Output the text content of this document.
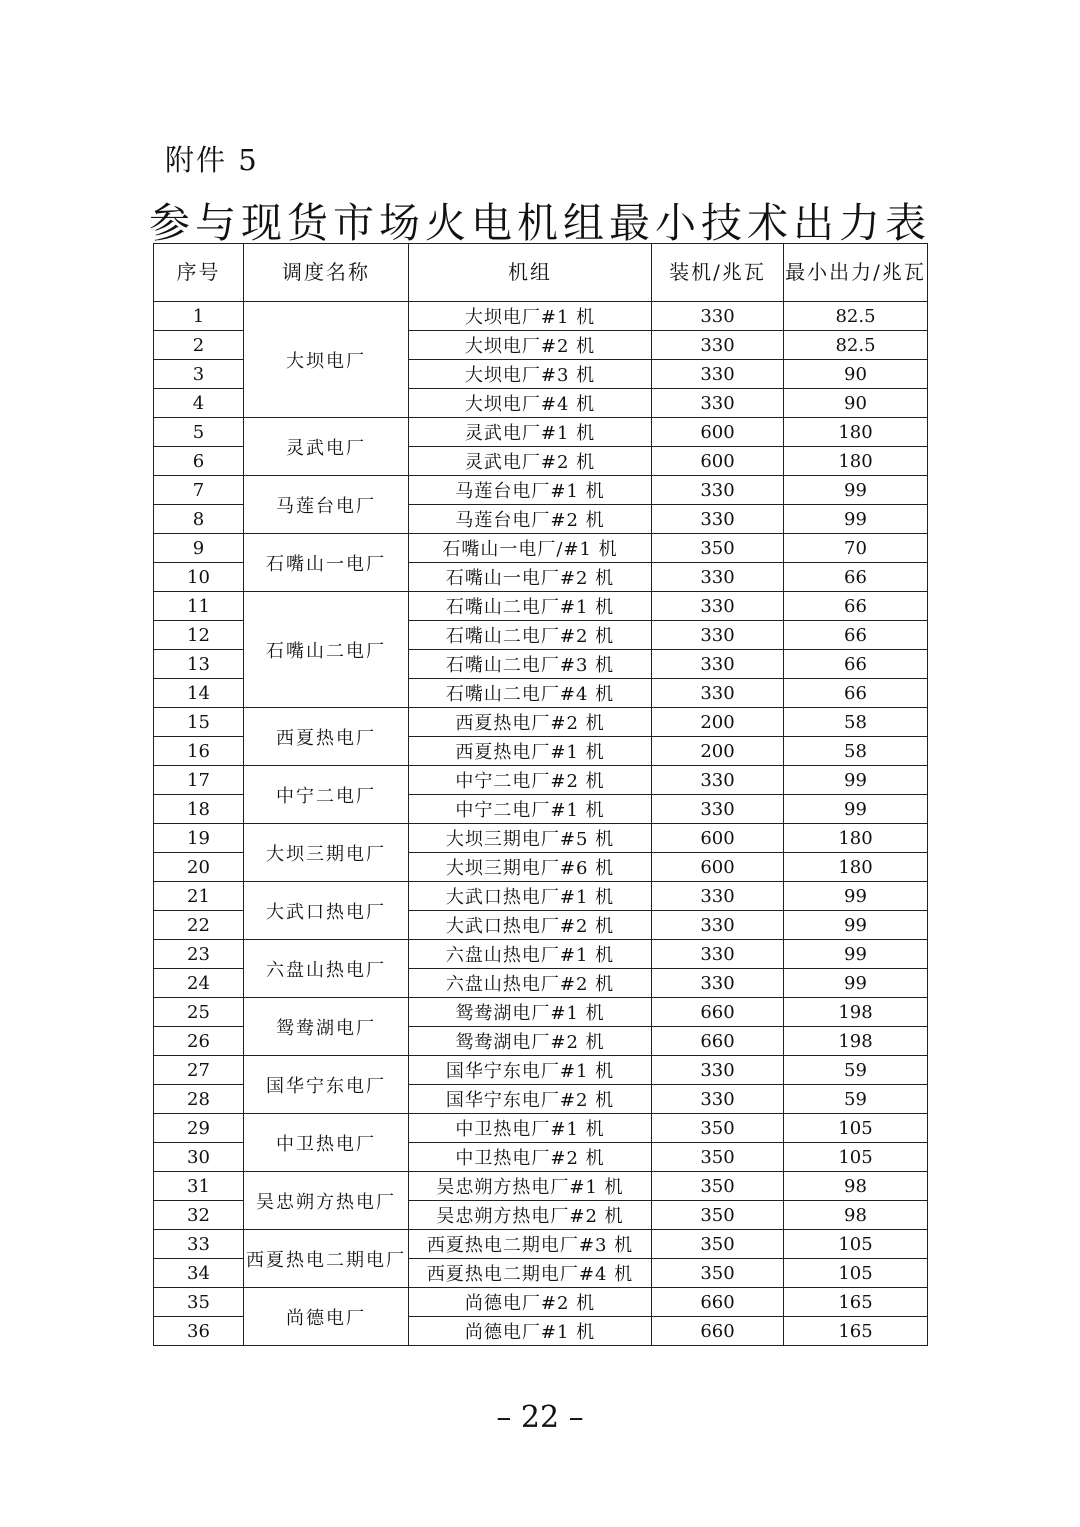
附件 5

参与现货市场火电机组最小技术出力表
序号	调度名称	机组	装机/兆瓦	最小出力/兆瓦
1	大坝电厂	大坝电厂#1 机	330	82.5
2		大坝电厂#2 机	330	82.5
3		大坝电厂#3 机	330	90
4		大坝电厂#4 机	330	90
5	灵武电厂	灵武电厂#1 机	600	180
6		灵武电厂#2 机	600	180
7	马莲台电厂	马莲台电厂#1 机	330	99
8		马莲台电厂#2 机	330	99
9	石嘴山一电厂	石嘴山一电厂/#1 机	350	70
10		石嘴山一电厂#2 机	330	66
11	石嘴山二电厂	石嘴山二电厂#1 机	330	66
12		石嘴山二电厂#2 机	330	66
13		石嘴山二电厂#3 机	330	66
14		石嘴山二电厂#4 机	330	66
15	西夏热电厂	西夏热电厂#2 机	200	58
16		西夏热电厂#1 机	200	58
17	中宁二电厂	中宁二电厂#2 机	330	99
18		中宁二电厂#1 机	330	99
19	大坝三期电厂	大坝三期电厂#5 机	600	180
20		大坝三期电厂#6 机	600	180
21	大武口热电厂	大武口热电厂#1 机	330	99
22		大武口热电厂#2 机	330	99
23	六盘山热电厂	六盘山热电厂#1 机	330	99
24		六盘山热电厂#2 机	330	99
25	鸳鸯湖电厂	鸳鸯湖电厂#1 机	660	198
26		鸳鸯湖电厂#2 机	660	198
27	国华宁东电厂	国华宁东电厂#1 机	330	59
28		国华宁东电厂#2 机	330	59
29	中卫热电厂	中卫热电厂#1 机	350	105
30		中卫热电厂#2 机	350	105
31	吴忠朔方热电厂	吴忠朔方热电厂#1 机	350	98
32		吴忠朔方热电厂#2 机	350	98
33	西夏热电二期电厂	西夏热电二期电厂#3 机	350	105
34		西夏热电二期电厂#4 机	350	105
35	尚德电厂	尚德电厂#2 机	660	165
36		尚德电厂#1 机	660	165

– 22 –
